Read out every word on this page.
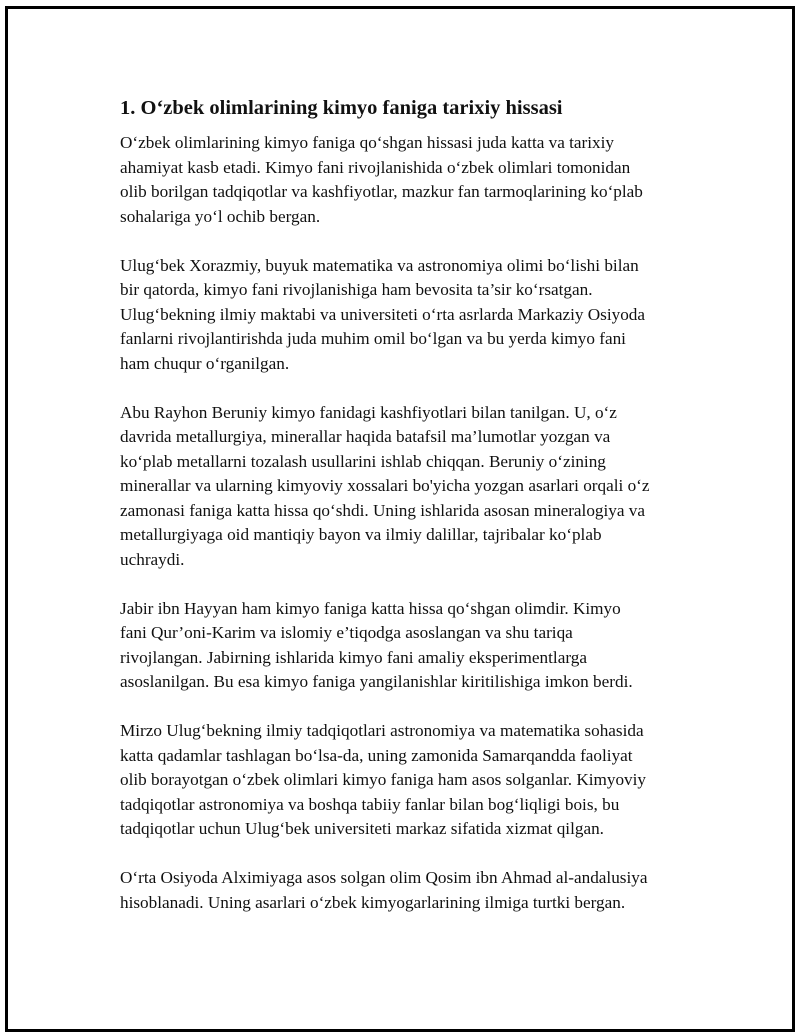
1. O‘zbek olimlarining kimyo faniga tarixiy hissasi

O‘zbek olimlarining kimyo faniga qo‘shgan hissasi juda katta va tarixiy
ahamiyat kasb etadi. Kimyo fani rivojlanishida o‘zbek olimlari tomonidan
olib borilgan tadqiqotlar va kashfiyotlar, mazkur fan tarmoqlarining ko‘plab
sohalariga yo‘l ochib bergan.

Ulug‘bek Xorazmiy, buyuk matematika va astronomiya olimi bo‘lishi bilan
bir qatorda, kimyo fani rivojlanishiga ham bevosita ta’sir ko‘rsatgan.
Ulug‘bekning ilmiy maktabi va universiteti o‘rta asrlarda Markaziy Osiyoda
fanlarni rivojlantirishda juda muhim omil bo‘lgan va bu yerda kimyo fani
ham chuqur o‘rganilgan.

Abu Rayhon Beruniy kimyo fanidagi kashfiyotlari bilan tanilgan. U, o‘z
davrida metallurgiya, minerallar haqida batafsil ma’lumotlar yozgan va
ko‘plab metallarni tozalash usullarini ishlab chiqqan. Beruniy o‘zining
minerallar va ularning kimyoviy xossalari bo'yicha yozgan asarlari orqali o‘z
zamonasi faniga katta hissa qo‘shdi. Uning ishlarida asosan mineralogiya va
metallurgiyaga oid mantiqiy bayon va ilmiy dalillar, tajribalar ko‘plab
uchraydi.

Jabir ibn Hayyan ham kimyo faniga katta hissa qo‘shgan olimdir. Kimyo
fani Qur’oni-Karim va islomiy e’tiqodga asoslangan va shu tariqa
rivojlangan. Jabirning ishlarida kimyo fani amaliy eksperimentlarga
asoslanilgan. Bu esa kimyo faniga yangilanishlar kiritilishiga imkon berdi.

Mirzo Ulug‘bekning ilmiy tadqiqotlari astronomiya va matematika sohasida
katta qadamlar tashlagan bo‘lsa-da, uning zamonida Samarqandda faoliyat
olib borayotgan o‘zbek olimlari kimyo faniga ham asos solganlar. Kimyoviy
tadqiqotlar astronomiya va boshqa tabiiy fanlar bilan bog‘liqligi bois, bu
tadqiqotlar uchun Ulug‘bek universiteti markaz sifatida xizmat qilgan.

O‘rta Osiyoda Alximiyaga asos solgan olim Qosim ibn Ahmad al-andalusiya
hisoblanadi. Uning asarlari o‘zbek kimyogarlarining ilmiga turtki bergan.
